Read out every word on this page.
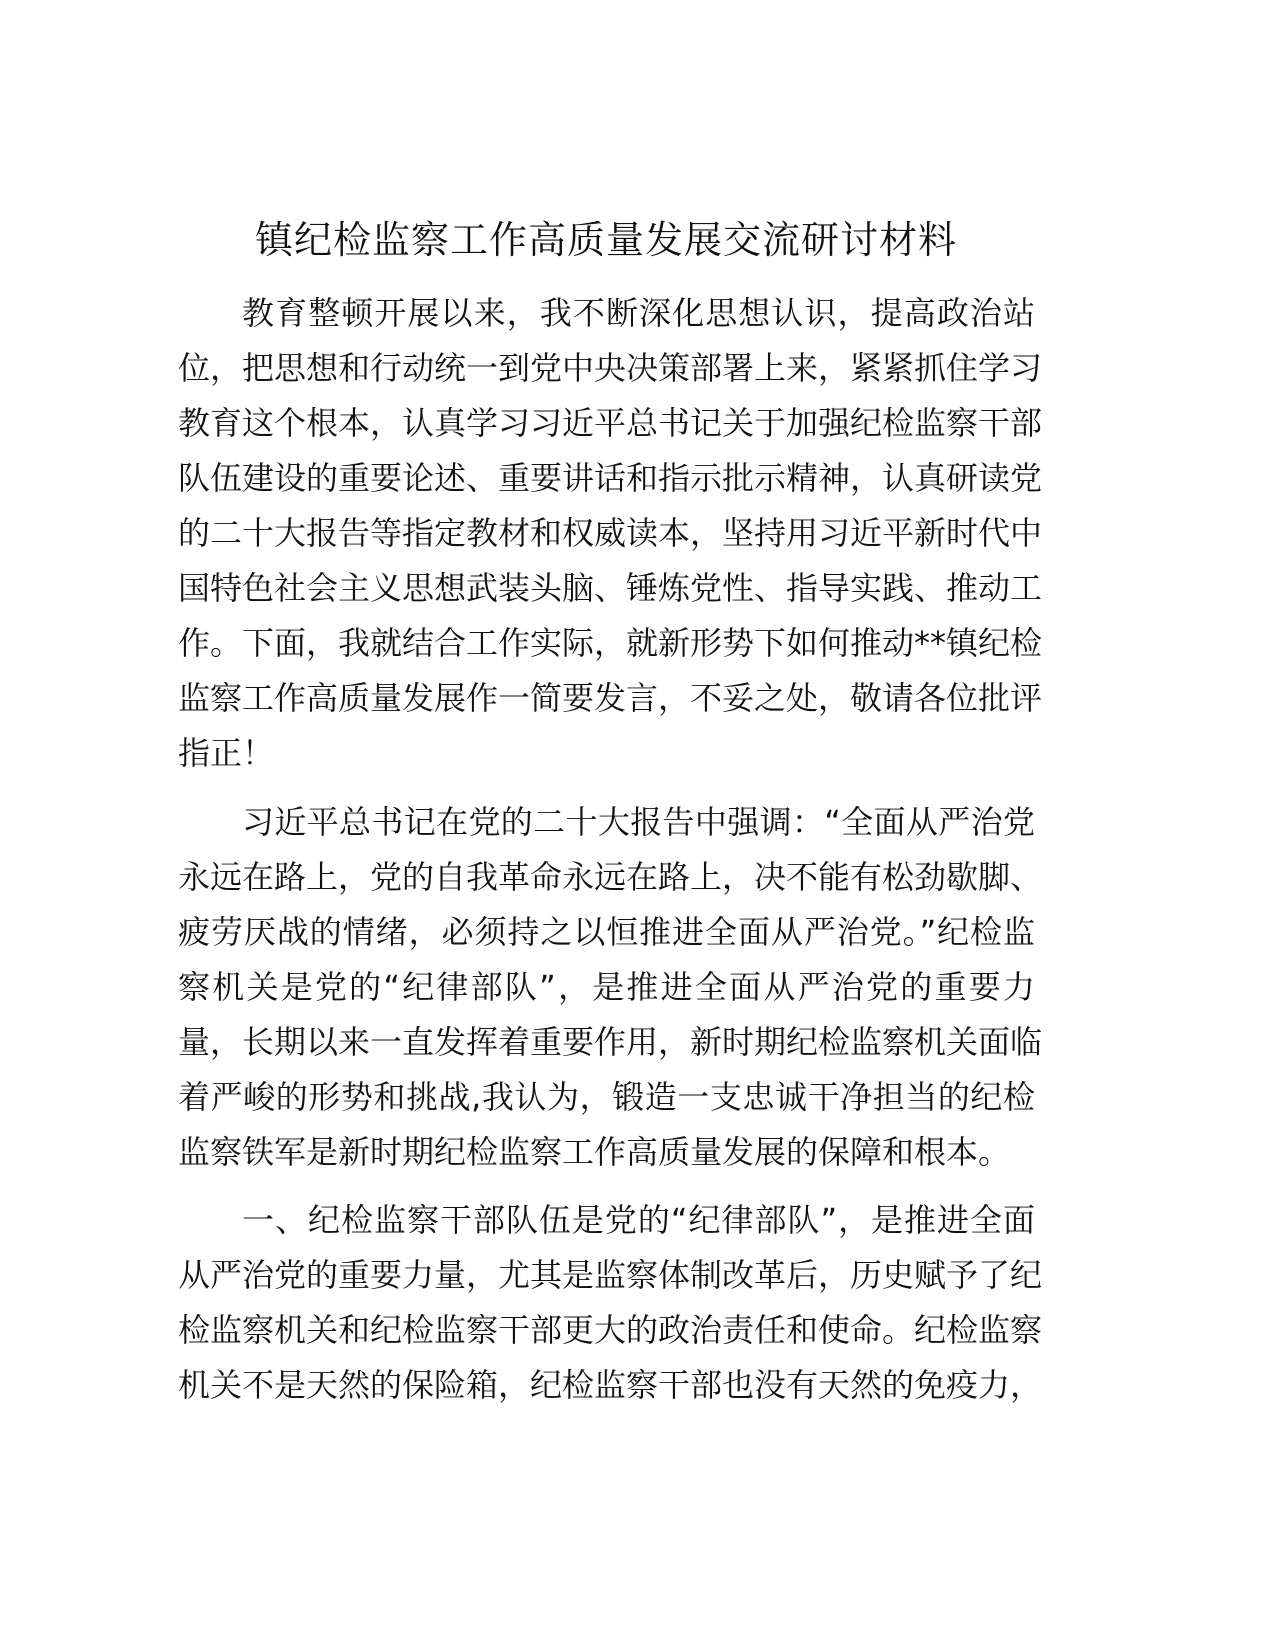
镇纪检监察工作高质量发展交流研讨材料
教育整顿开展以来，我不断深化思想认识，提高政治站
位，把思想和行动统一到党中央决策部署上来，紧紧抓住学习
教育这个根本，认真学习习近平总书记关于加强纪检监察干部
队伍建设的重要论述、重要讲话和指示批示精神，认真研读党
的二十大报告等指定教材和权威读本，坚持用习近平新时代中
国特色社会主义思想武装头脑、锤炼党性、指导实践、推动工
作。下面，我就结合工作实际，就新形势下如何推动**镇纪检
监察工作高质量发展作一简要发言，不妥之处，敬请各位批评
指正！
习近平总书记在党的二十大报告中强调：“全面从严治党
永远在路上，党的自我革命永远在路上，决不能有松劲歇脚、
疲劳厌战的情绪，必须持之以恒推进全面从严治党。”纪检监
察机关是党的“纪律部队”，是推进全面从严治党的重要力
量，长期以来一直发挥着重要作用，新时期纪检监察机关面临
着严峻的形势和挑战,我认为，锻造一支忠诚干净担当的纪检
监察铁军是新时期纪检监察工作高质量发展的保障和根本。
一、纪检监察干部队伍是党的“纪律部队”，是推进全面
从严治党的重要力量，尤其是监察体制改革后，历史赋予了纪
检监察机关和纪检监察干部更大的政治责任和使命。纪检监察
机关不是天然的保险箱，纪检监察干部也没有天然的免疫力，
